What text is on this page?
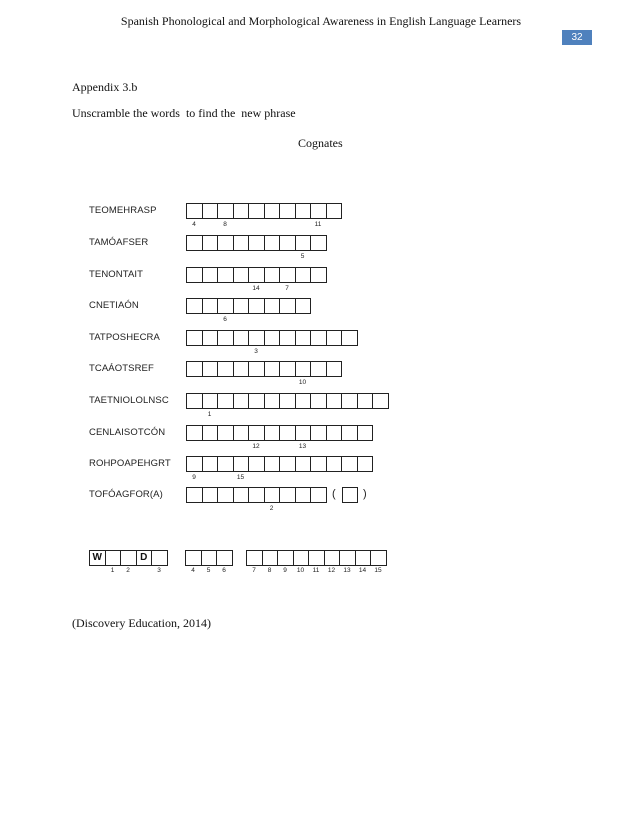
Spanish Phonological and Morphological Awareness in English Language Learners
32
Appendix 3.b
Unscramble the words  to find the  new phrase
Cognates
TEOMEHRASP
4	8	11
TAMÓAFSER
5
TENONTAIT
14	7
CNETIAÓN
6
TATPOSHECRA
3
TCAÁOTSREF
10
TAETNIOLOLNSC
1
CENLAISOTCÓN
12	13
ROHPOAPEHGRT
9	15
TOFÓAGFOR(A)
2
( )
W
1	2
D
3	4	5	6	7	8	9	10	11	12	13	14	15
(Discovery Education, 2014)
